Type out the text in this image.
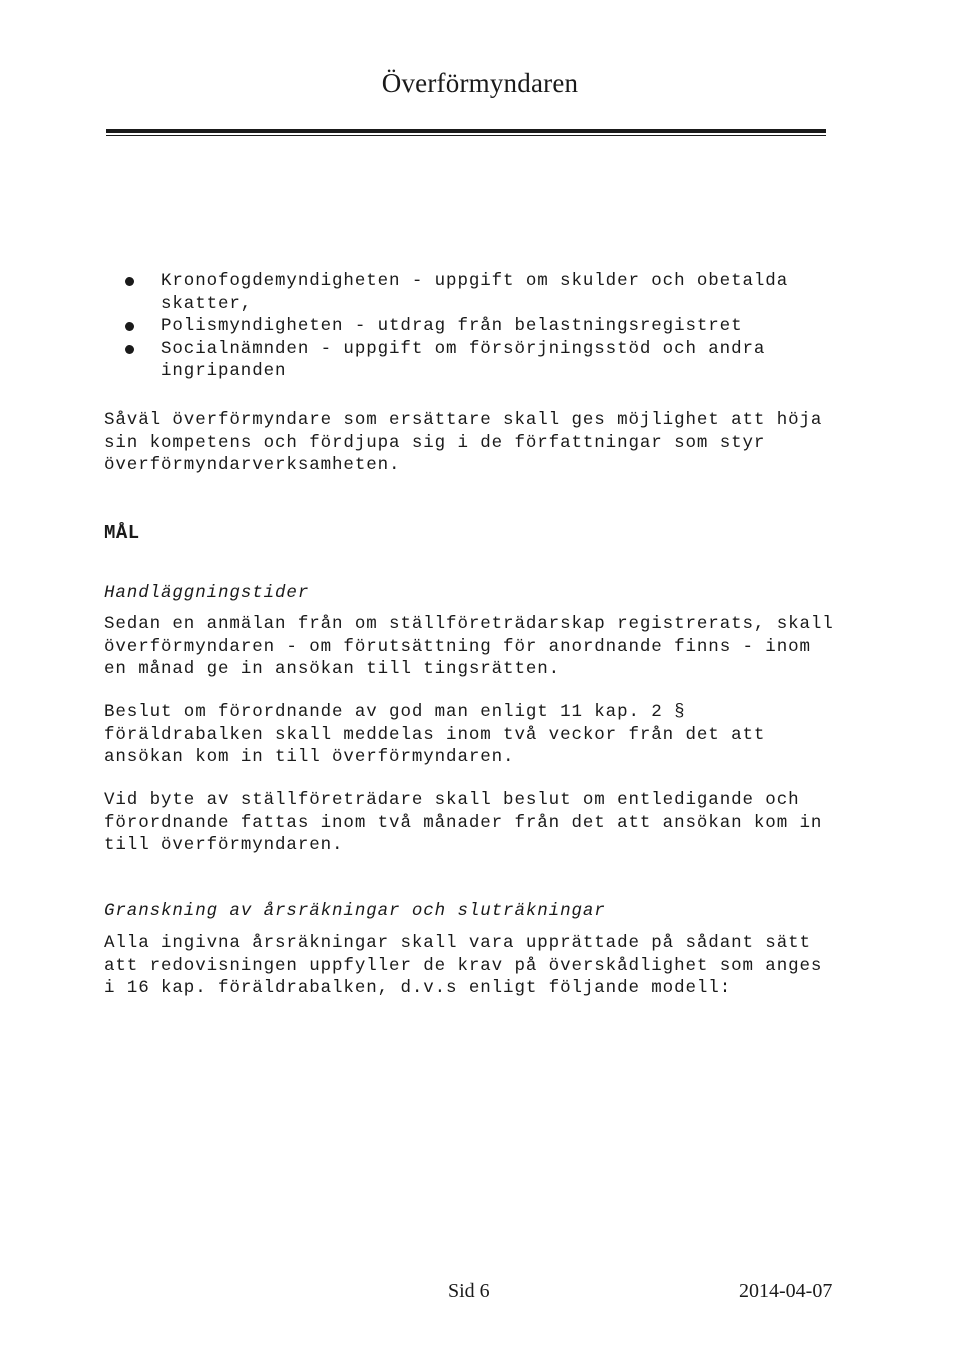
Överförmyndaren
Kronofogdemyndigheten - uppgift om skulder och obetalda skatter,
Polismyndigheten - utdrag från belastningsregistret
Socialnämnden - uppgift om försörjningsstöd och andra ingripanden

Såväl överförmyndare som ersättare skall ges möjlighet att höja sin kompetens och fördjupa sig i de författningar som styr överförmyndarverksamheten.

MÅL
Handläggningstider

Sedan en anmälan från om ställföreträdarskap registrerats, skall överförmyndaren - om förutsättning för anordnande finns - inom en månad ge in ansökan till tingsrätten.

Beslut om förordnande av god man enligt 11 kap. 2 § föräldrabalken skall meddelas inom två veckor från det att ansökan kom in till överförmyndaren.

Vid byte av ställföreträdare skall beslut om entledigande och förordnande fattas inom två månader från det att ansökan kom in till överförmyndaren.

Granskning av årsräkningar och sluträkningar

Alla ingivna årsräkningar skall vara upprättade på sådant sätt att redovisningen uppfyller de krav på överskådlighet som anges i 16 kap. föräldrabalken, d.v.s enligt följande modell:

Sid 6	2014-04-07
